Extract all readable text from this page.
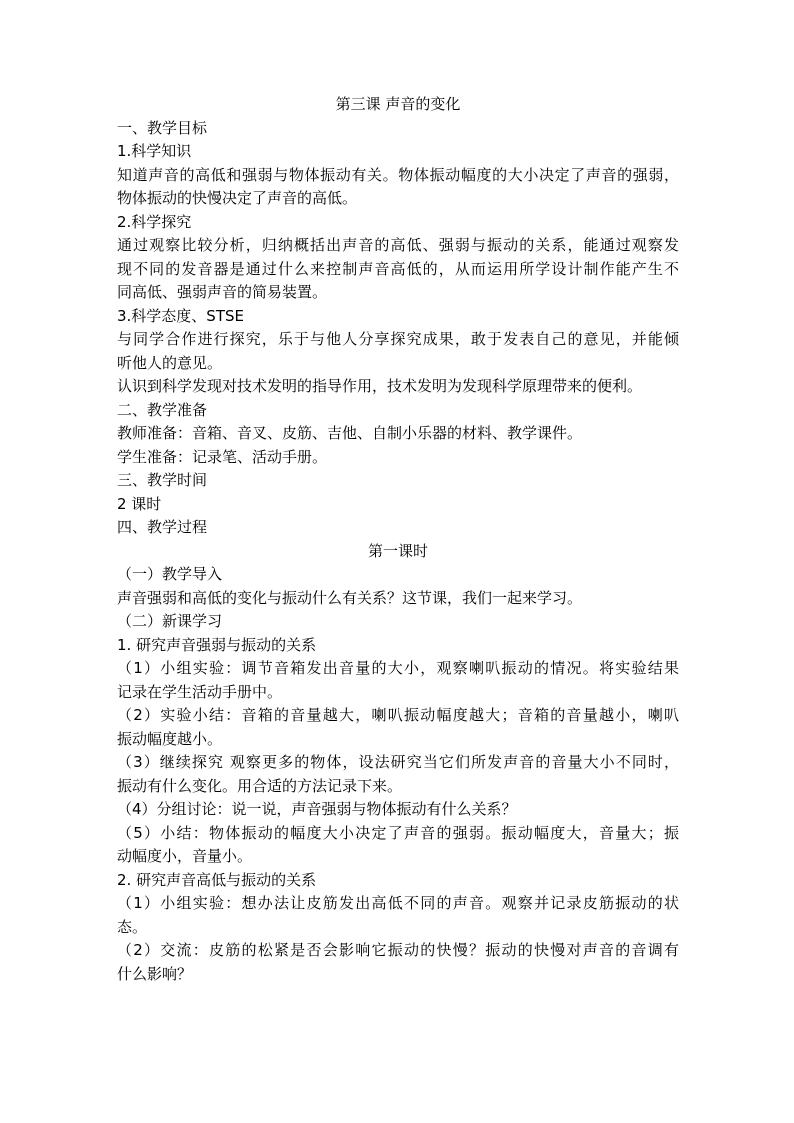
第三课 声音的变化
一、教学目标
1.科学知识
知道声音的高低和强弱与物体振动有关。物体振动幅度的大小决定了声音的强弱，
物体振动的快慢决定了声音的高低。
2.科学探究
通过观察比较分析，归纳概括出声音的高低、强弱与振动的关系，能通过观察发
现不同的发音器是通过什么来控制声音高低的，从而运用所学设计制作能产生不
同高低、强弱声音的简易装置。
3.科学态度、STSE
与同学合作进行探究，乐于与他人分享探究成果，敢于发表自己的意见，并能倾
听他人的意见。
认识到科学发现对技术发明的指导作用，技术发明为发现科学原理带来的便利。
二、教学准备
教师准备：音箱、音叉、皮筋、吉他、自制小乐器的材料、教学课件。
学生准备：记录笔、活动手册。
三、教学时间
2 课时
四、教学过程
第一课时
（一）教学导入
声音强弱和高低的变化与振动什么有关系？这节课，我们一起来学习。
（二）新课学习
1. 研究声音强弱与振动的关系
（1）小组实验：调节音箱发出音量的大小，观察喇叭振动的情况。将实验结果
记录在学生活动手册中。
（2）实验小结：音箱的音量越大，喇叭振动幅度越大；音箱的音量越小，喇叭
振动幅度越小。
（3）继续探究 观察更多的物体，设法研究当它们所发声音的音量大小不同时，
振动有什么变化。用合适的方法记录下来。
（4）分组讨论：说一说，声音强弱与物体振动有什么关系？
（5）小结：物体振动的幅度大小决定了声音的强弱。振动幅度大，音量大；振
动幅度小，音量小。
2. 研究声音高低与振动的关系
（1）小组实验：想办法让皮筋发出高低不同的声音。观察并记录皮筋振动的状
态。
（2）交流：皮筋的松紧是否会影响它振动的快慢？振动的快慢对声音的音调有
什么影响？
